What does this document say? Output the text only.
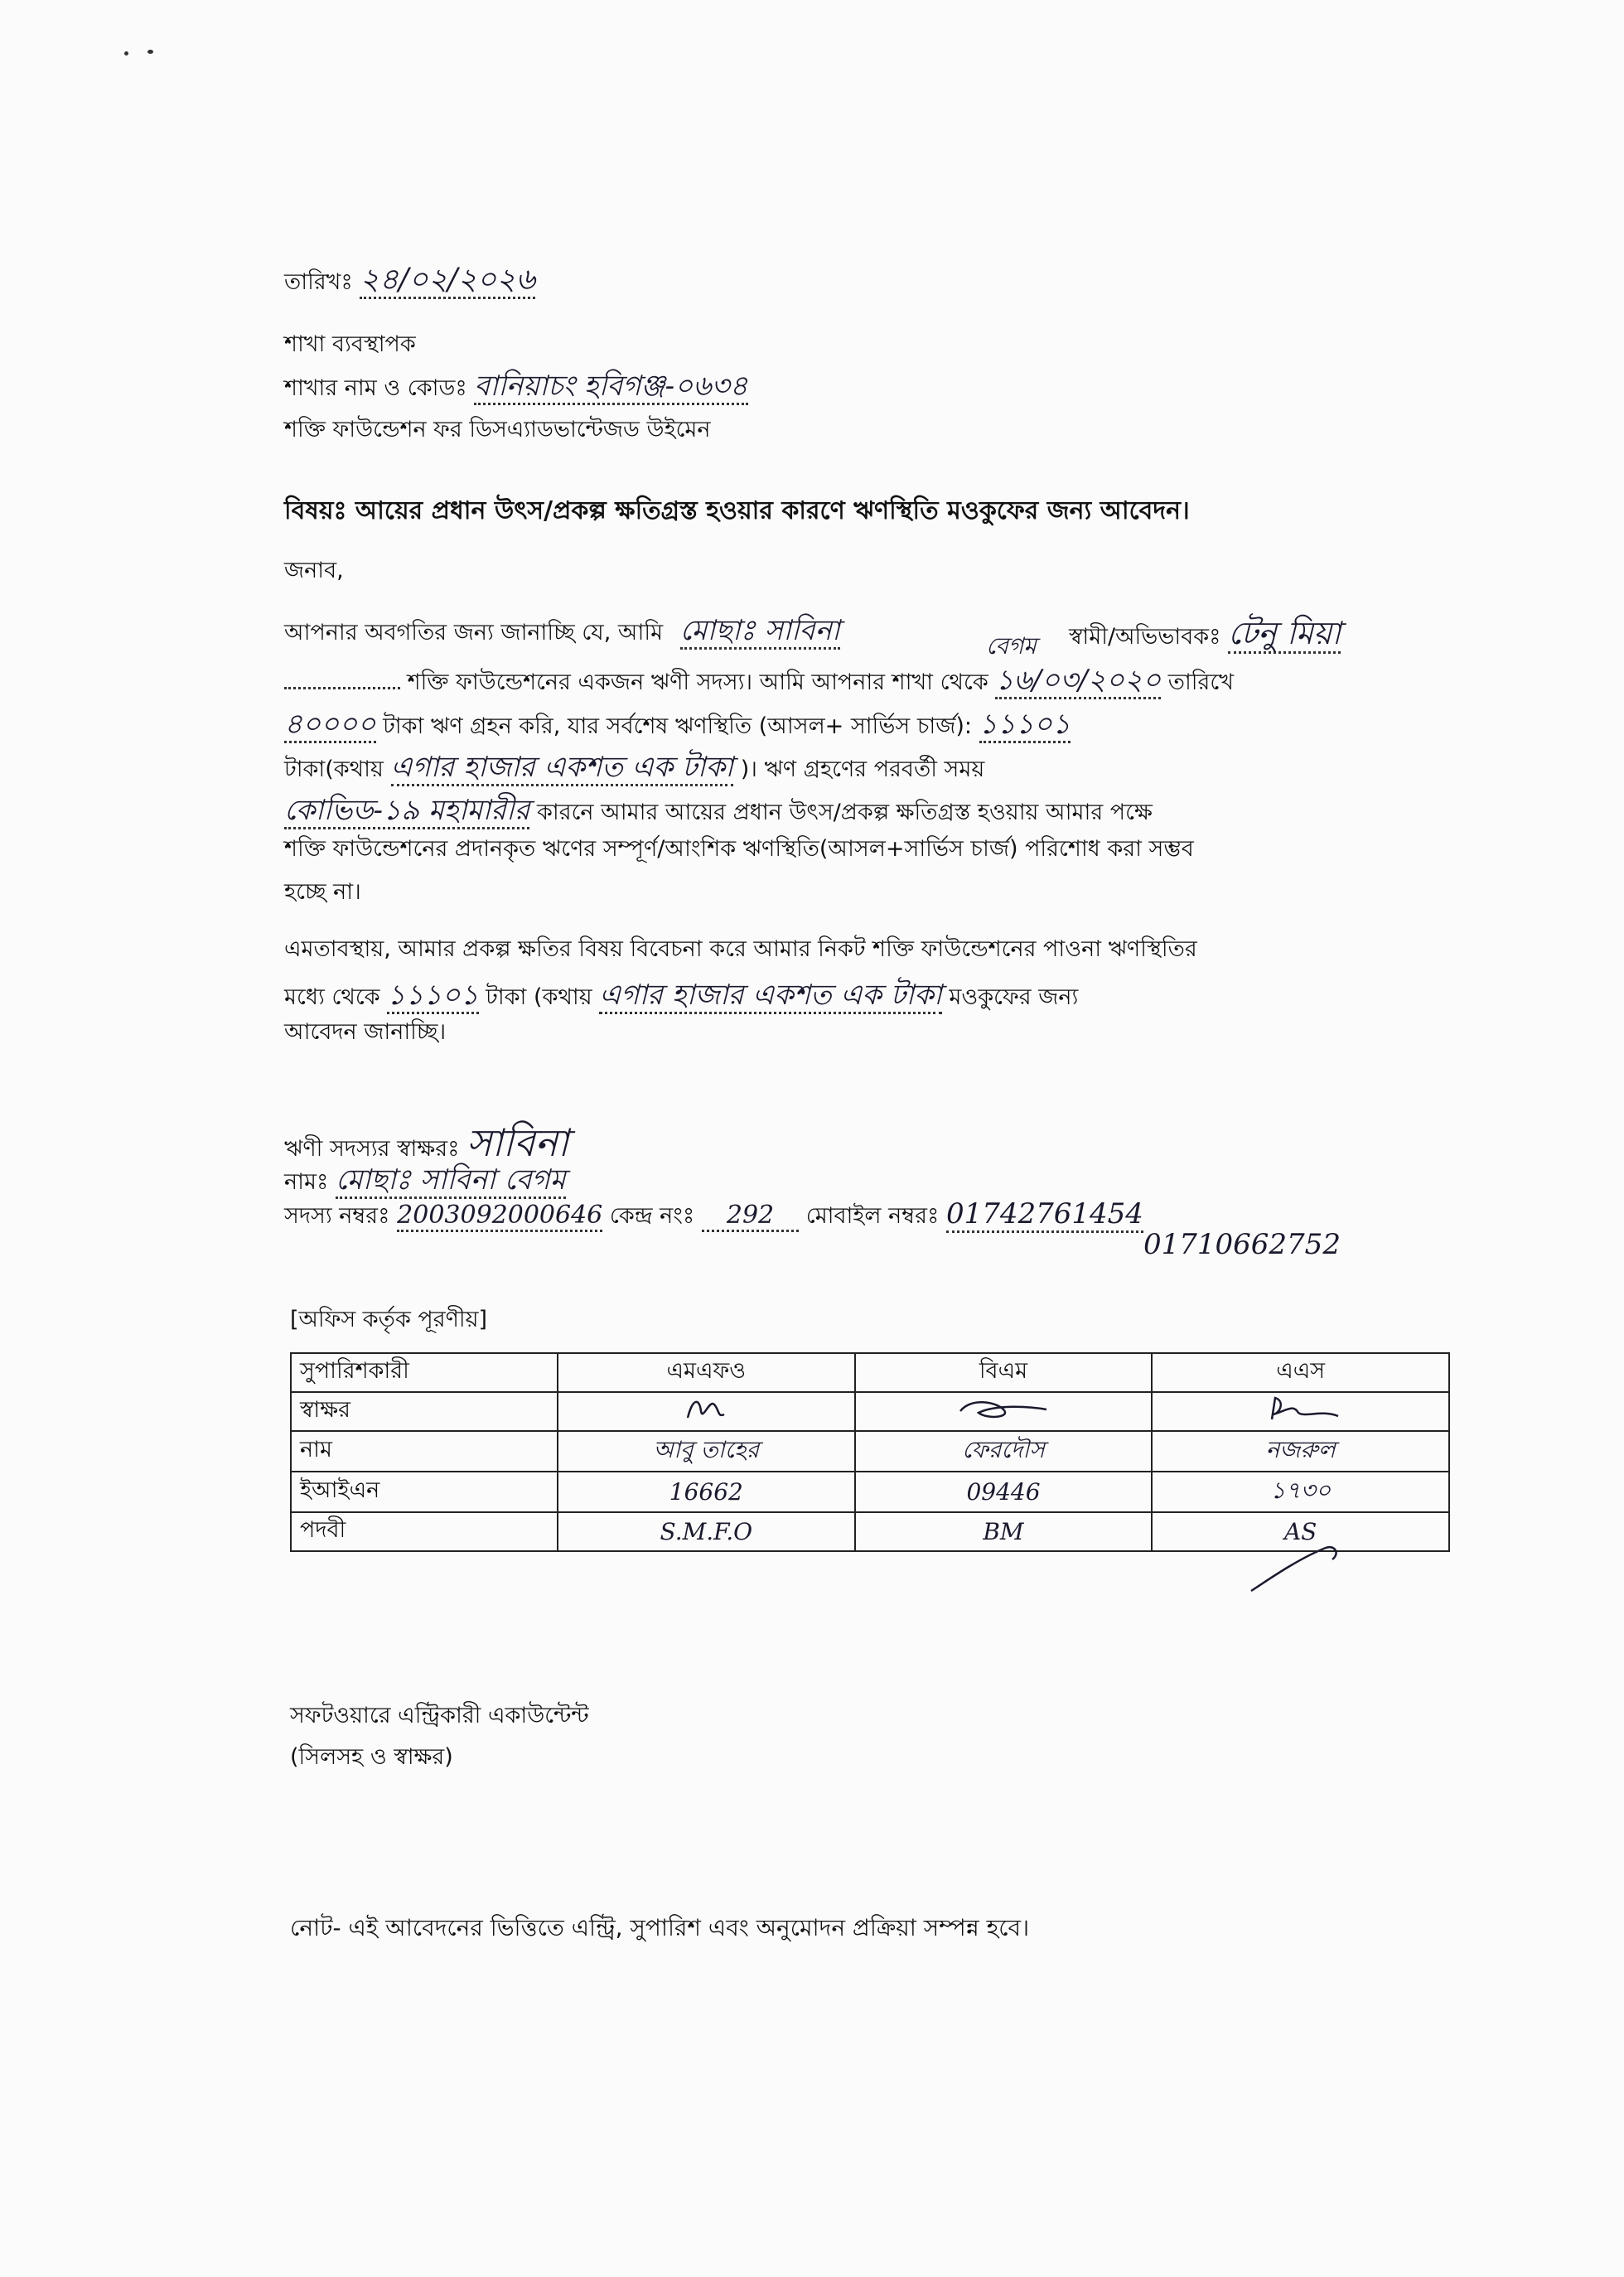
তারিখঃ ২৪/০২/২০২৬
শাখা ব্যবস্থাপক
শাখার নাম ও কোডঃ বানিয়াচং হবিগঞ্জ-০৬৩৪
শক্তি ফাউন্ডেশন ফর ডিসএ্যাডভান্টেজড উইমেন
বিষয়ঃ আয়ের প্রধান উৎস/প্রকল্প ক্ষতিগ্রস্ত হওয়ার কারণে ঋণস্থিতি মওকুফের জন্য আবেদন।
জনাব,
আপনার অবগতির জন্য জানাচ্ছি যে, আমি মোছাঃ সাবিনা	বেগম স্বামী/অভিভাবকঃ টেনু মিয়া
শক্তি ফাউন্ডেশনের একজন ঋণী সদস্য। আমি আপনার শাখা থেকে ১৬/০৩/২০২০ তারিখে
৪০০০০ টাকা ঋণ গ্রহন করি, যার সর্বশেষ ঋণস্থিতি (আসল+ সার্ভিস চার্জ): ১১১০১
টাকা(কথায় এগার হাজার একশত এক টাকা )। ঋণ গ্রহণের পরবর্তী সময়
কোভিড-১৯ মহামারীর কারনে আমার আয়ের প্রধান উৎস/প্রকল্প ক্ষতিগ্রস্ত হওয়ায় আমার পক্ষে
শক্তি ফাউন্ডেশনের প্রদানকৃত ঋণের সম্পূর্ণ/আংশিক ঋণস্থিতি(আসল+সার্ভিস চার্জ) পরিশোধ করা সম্ভব
হচ্ছে না।
এমতাবস্থায়, আমার প্রকল্প ক্ষতির বিষয় বিবেচনা করে আমার নিকট শক্তি ফাউন্ডেশনের পাওনা ঋণস্থিতির
মধ্যে থেকে ১১১০১ টাকা (কথায় এগার হাজার একশত এক টাকা মওকুফের জন্য
আবেদন জানাচ্ছি।
ঋণী সদস্যর স্বাক্ষরঃ সাবিনা
নামঃ মোছাঃ সাবিনা বেগম
সদস্য নম্বরঃ 2003092000646 কেন্দ্র নংঃ 292 মোবাইল নম্বরঃ 01742761454
01710662752
[অফিস কর্তৃক পূরণীয়]
সুপারিশকারী	এমএফও	বিএম	এএস
স্বাক্ষর			
নাম	আবু তাহের	ফেরদৌস	নজরুল
ইআইএন	16662	09446	১৭৩০
পদবী	S.M.F.O	BM	AS
সফটওয়ারে এন্ট্রিকারী একাউন্টেন্ট
(সিলসহ ও স্বাক্ষর)
নোট- এই আবেদনের ভিত্তিতে এন্ট্রি, সুপারিশ এবং অনুমোদন প্রক্রিয়া সম্পন্ন হবে।
